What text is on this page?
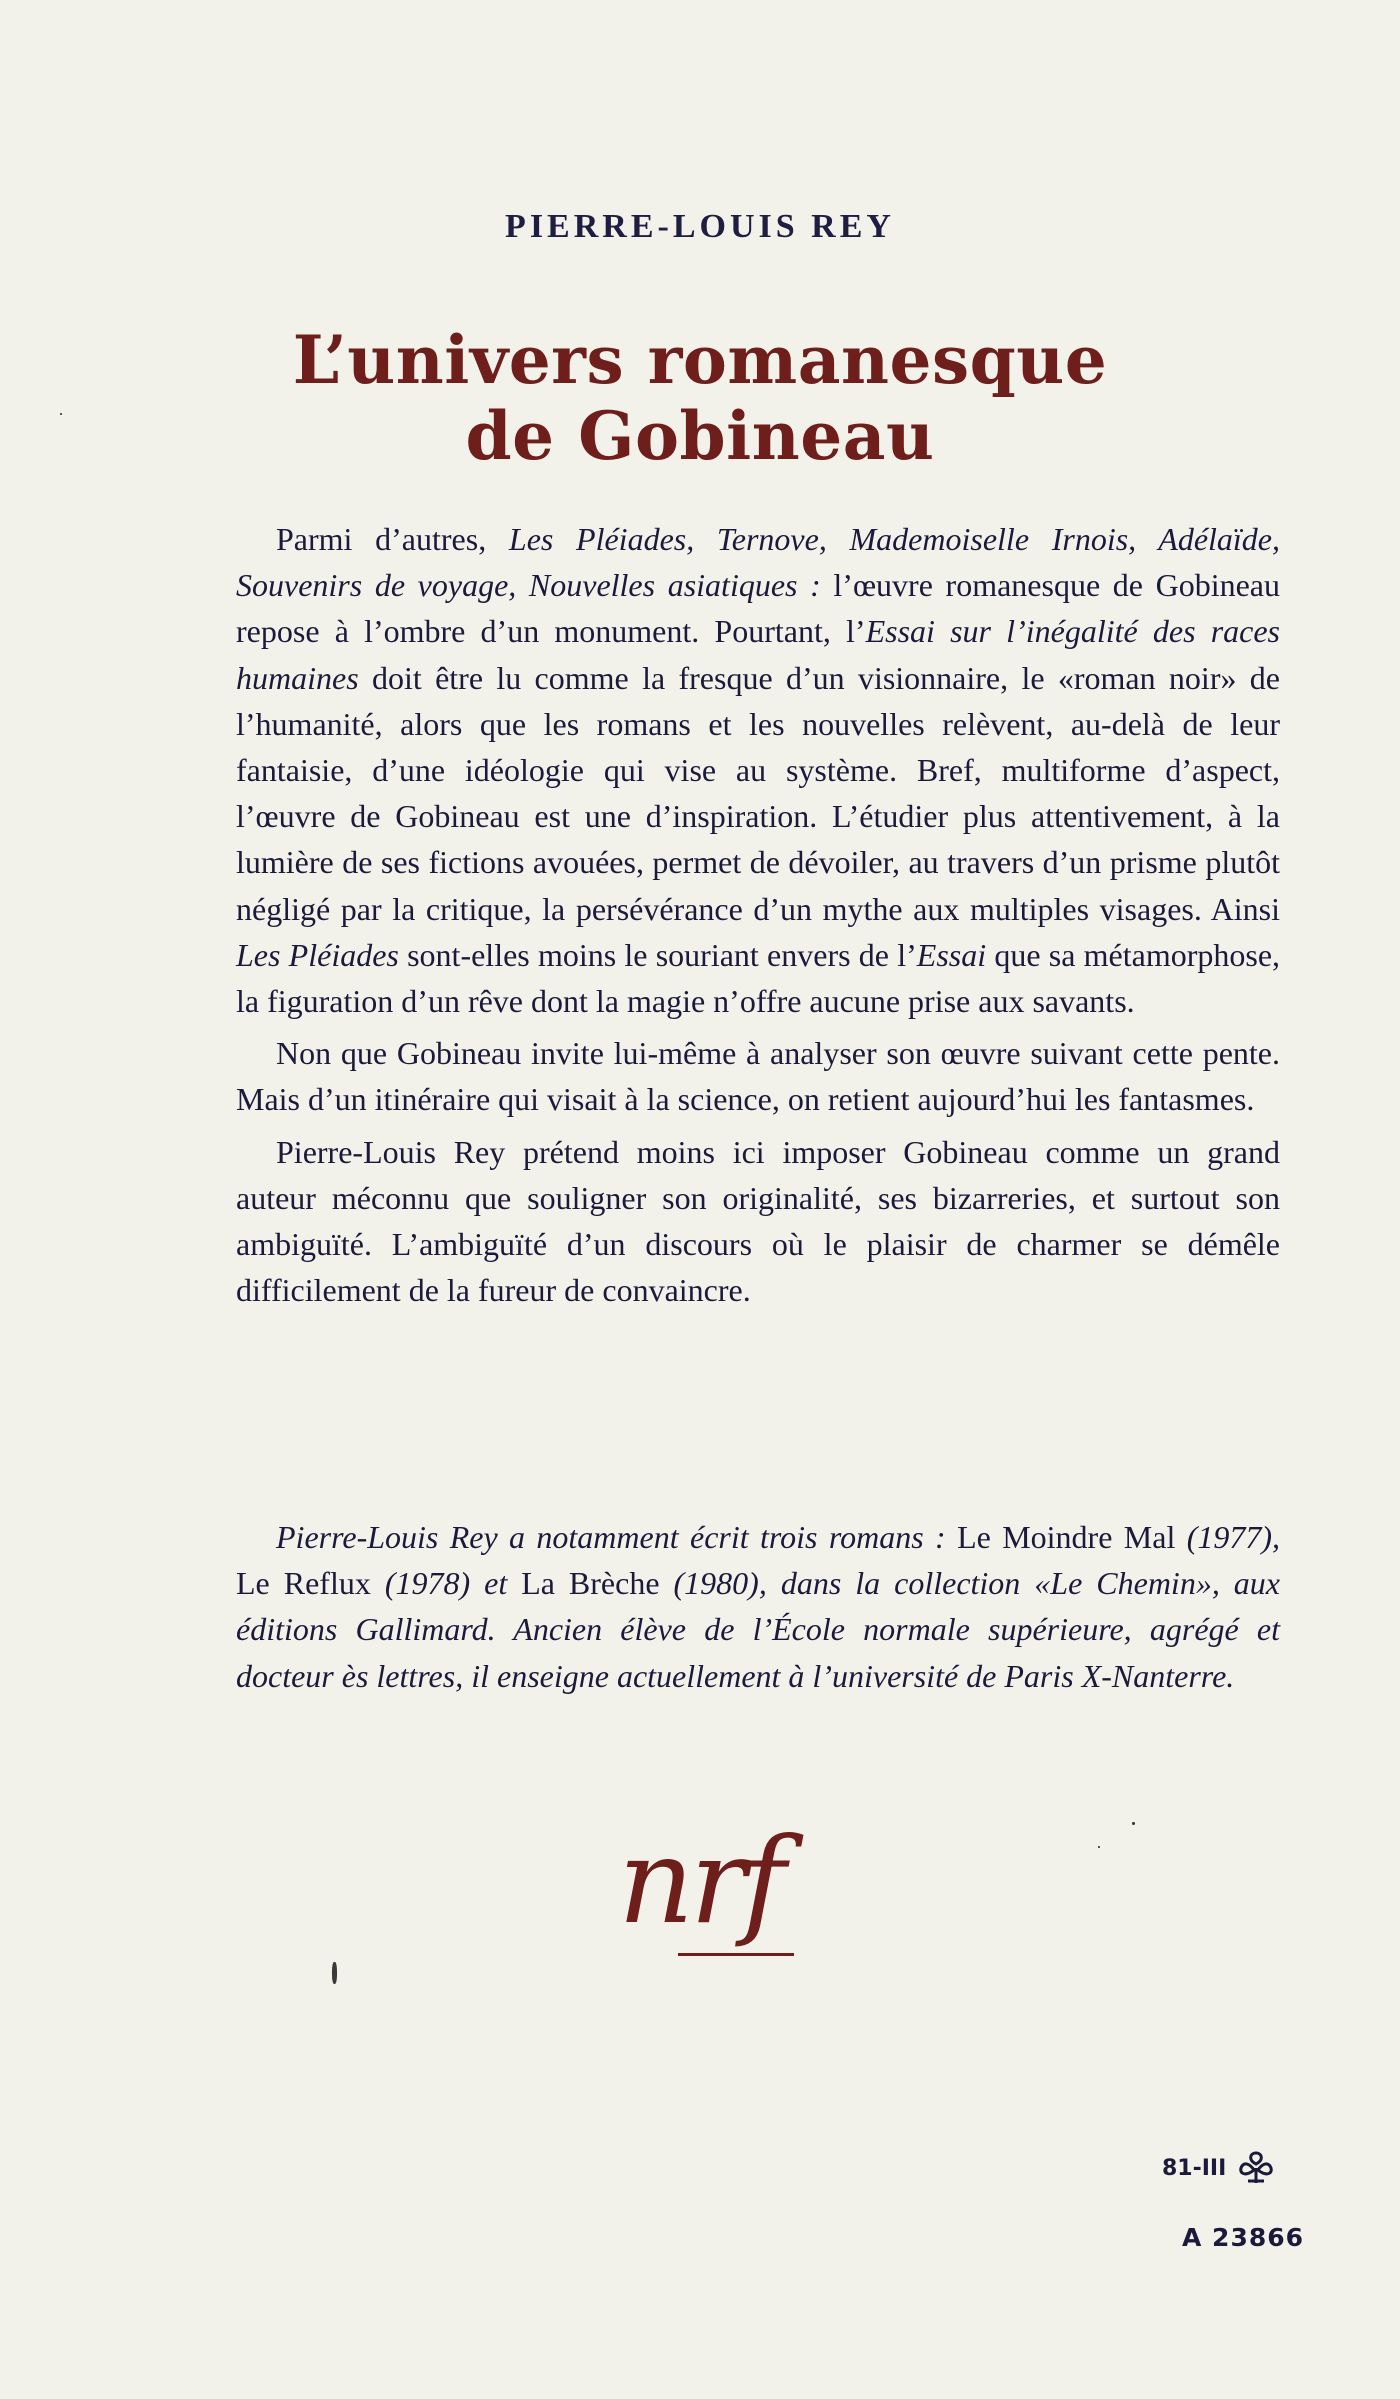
PIERRE-LOUIS REY
L’univers romanesque
de Gobineau

Parmi d’autres, Les Pléiades, Ternove, Mademoiselle Irnois, Adélaïde, Souvenirs de voyage, Nouvelles asiatiques : l’œuvre romanesque de Gobineau repose à l’ombre d’un monument. Pourtant, l’Essai sur l’inégalité des races humaines doit être lu comme la fresque d’un visionnaire, le «roman noir» de l’humanité, alors que les romans et les nouvelles relèvent, au-delà de leur fantaisie, d’une idéologie qui vise au système. Bref, multiforme d’aspect, l’œuvre de Gobineau est une d’inspiration. L’étudier plus attentivement, à la lumière de ses fictions avouées, permet de dévoiler, au travers d’un prisme plutôt négligé par la critique, la persévérance d’un mythe aux multiples visages. Ainsi Les Pléiades sont-elles moins le souriant envers de l’Essai que sa métamorphose, la figuration d’un rêve dont la magie n’offre aucune prise aux savants.

Non que Gobineau invite lui-même à analyser son œuvre suivant cette pente. Mais d’un itinéraire qui visait à la science, on retient aujourd’hui les fantasmes.

Pierre-Louis Rey prétend moins ici imposer Gobineau comme un grand auteur méconnu que souligner son originalité, ses bizarreries, et surtout son ambiguïté. L’ambiguïté d’un discours où le plaisir de charmer se démêle difficilement de la fureur de convaincre.

Pierre-Louis Rey a notamment écrit trois romans : Le Moindre Mal (1977), Le Reflux (1978) et La Brèche (1980), dans la collection «Le Chemin», aux éditions Gallimard. Ancien élève de l’École normale supérieure, agrégé et docteur ès lettres, il enseigne actuellement à l’université de Paris X-Nanterre.
nrf
81-III
A 23866
